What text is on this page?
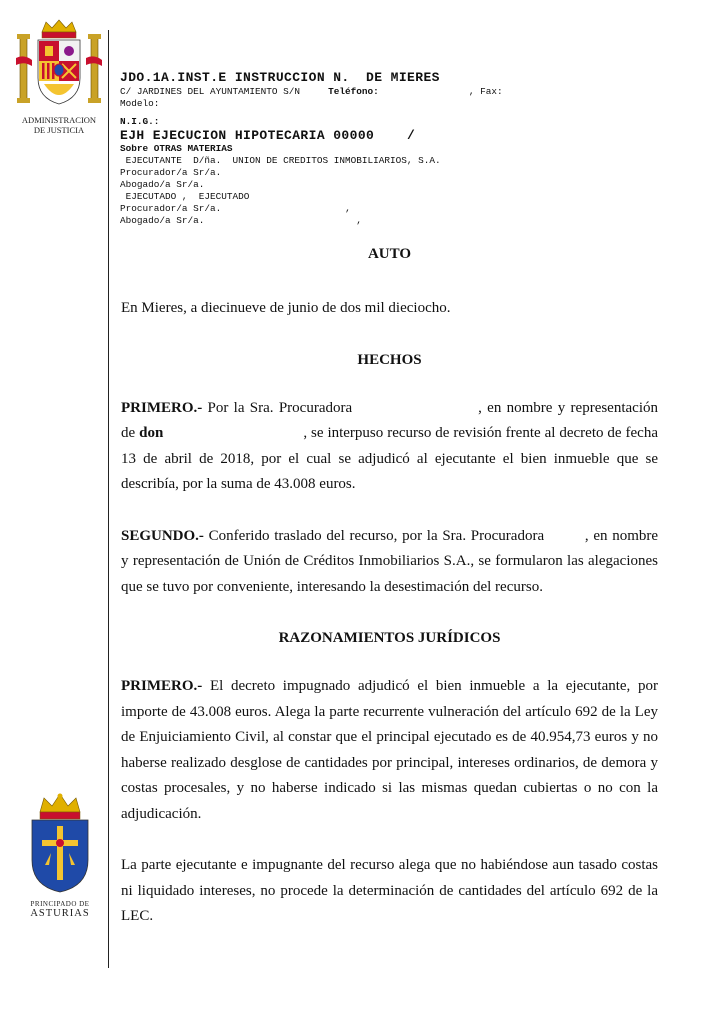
ADMINISTRACION
DE JUSTICIA
PRINCIPADO DE
ASTURIAS
JDO.1A.INST.E INSTRUCCION N.  DE MIERES
C/ JARDINES DEL AYUNTAMIENTO S/N	Teléfono:	, Fax:
Modelo:
N.I.G.:
EJH EJECUCION HIPOTECARIA 00000    /
Sobre OTRAS MATERIAS
EJECUTANTE  D/ña.  UNION DE CREDITOS INMOBILIARIOS, S.A.
Procurador/a Sr/a.
Abogado/a Sr/a.
EJECUTADO ,  EJECUTADO
Procurador/a Sr/a.	,
Abogado/a Sr/a.	,
AUTO

En Mieres, a diecinueve de junio de dos mil dieciocho.

HECHOS

PRIMERO.- Por la Sra. Procuradora	, en nombre y representación de don	, se interpuso recurso de revisión frente al decreto de fecha 13 de abril de 2018, por el cual se adjudicó al ejecutante el bien inmueble que se describía, por la suma de 43.008 euros.

SEGUNDO.- Conferido traslado del recurso, por la Sra. Procuradora	, en nombre y representación de Unión de Créditos Inmobiliarios S.A., se formularon las alegaciones que se tuvo por conveniente, interesando la desestimación del recurso.

RAZONAMIENTOS JURÍDICOS

PRIMERO.- El decreto impugnado adjudicó el bien inmueble a la ejecutante, por importe de 43.008 euros. Alega la parte recurrente vulneración del artículo 692 de la Ley de Enjuiciamiento Civil, al constar que el principal ejecutado es de 40.954,73 euros y no haberse realizado desglose de cantidades por principal, intereses ordinarios, de demora y costas procesales, y no haberse indicado si las mismas quedan cubiertas o no con la adjudicación.

La parte ejecutante e impugnante del recurso alega que no habiéndose aun tasado costas ni liquidado intereses, no procede la determinación de cantidades del artículo 692 de la LEC.
